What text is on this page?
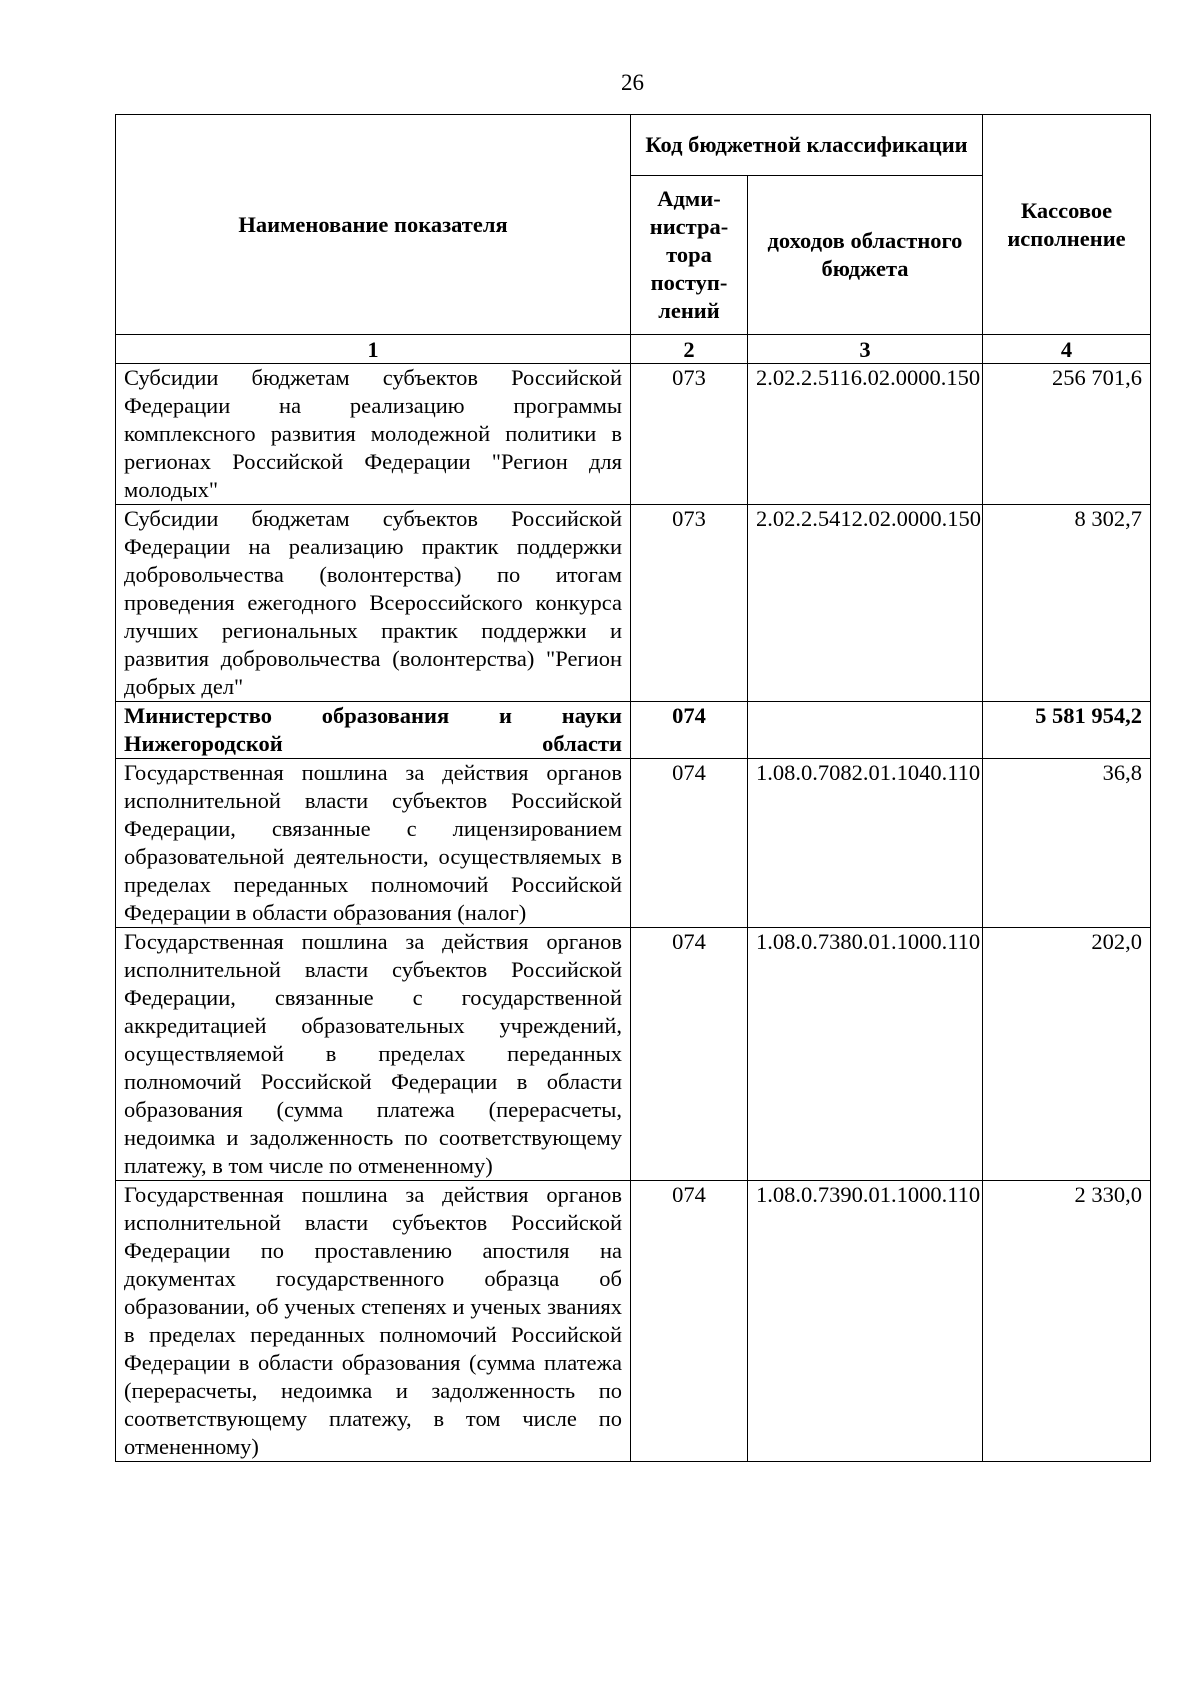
26
Наименование показателя	Код бюджетной классификации		Кассовое исполнение
	Адми-нистра-тора поступ-лений	доходов областного бюджета	
1	2	3	4
Субсидии бюджетам субъектов Российской Федерации на реализацию программы комплексного развития молодежной политики в регионах Российской Федерации "Регион для молодых"	073	2.02.2.5116.02.0000.150	256 701,6
Субсидии бюджетам субъектов Российской Федерации на реализацию практик поддержки добровольчества (волонтерства) по итогам проведения ежегодного Всероссийского конкурса лучших региональных практик поддержки и развития добровольчества (волонтерства) "Регион добрых дел"	073	2.02.2.5412.02.0000.150	8 302,7
Министерство образования и науки Нижегородской области	074		5 581 954,2
Государственная пошлина за действия органов исполнительной власти субъектов Российской Федерации, связанные с лицензированием образовательной деятельности, осуществляемых в пределах переданных полномочий Российской Федерации в области образования (налог)	074	1.08.0.7082.01.1040.110	36,8
Государственная пошлина за действия органов исполнительной власти субъектов Российской Федерации, связанные с государственной аккредитацией образовательных учреждений, осуществляемой в пределах переданных полномочий Российской Федерации в области образования (сумма платежа (перерасчеты, недоимка и задолженность по соответствующему платежу, в том числе по отмененному)	074	1.08.0.7380.01.1000.110	202,0
Государственная пошлина за действия органов исполнительной власти субъектов Российской Федерации по проставлению апостиля на документах государственного образца об образовании, об ученых степенях и ученых званиях в пределах переданных полномочий Российской Федерации в области образования (сумма платежа (перерасчеты, недоимка и задолженность по соответствующему платежу, в том числе по отмененному)	074	1.08.0.7390.01.1000.110	2 330,0
